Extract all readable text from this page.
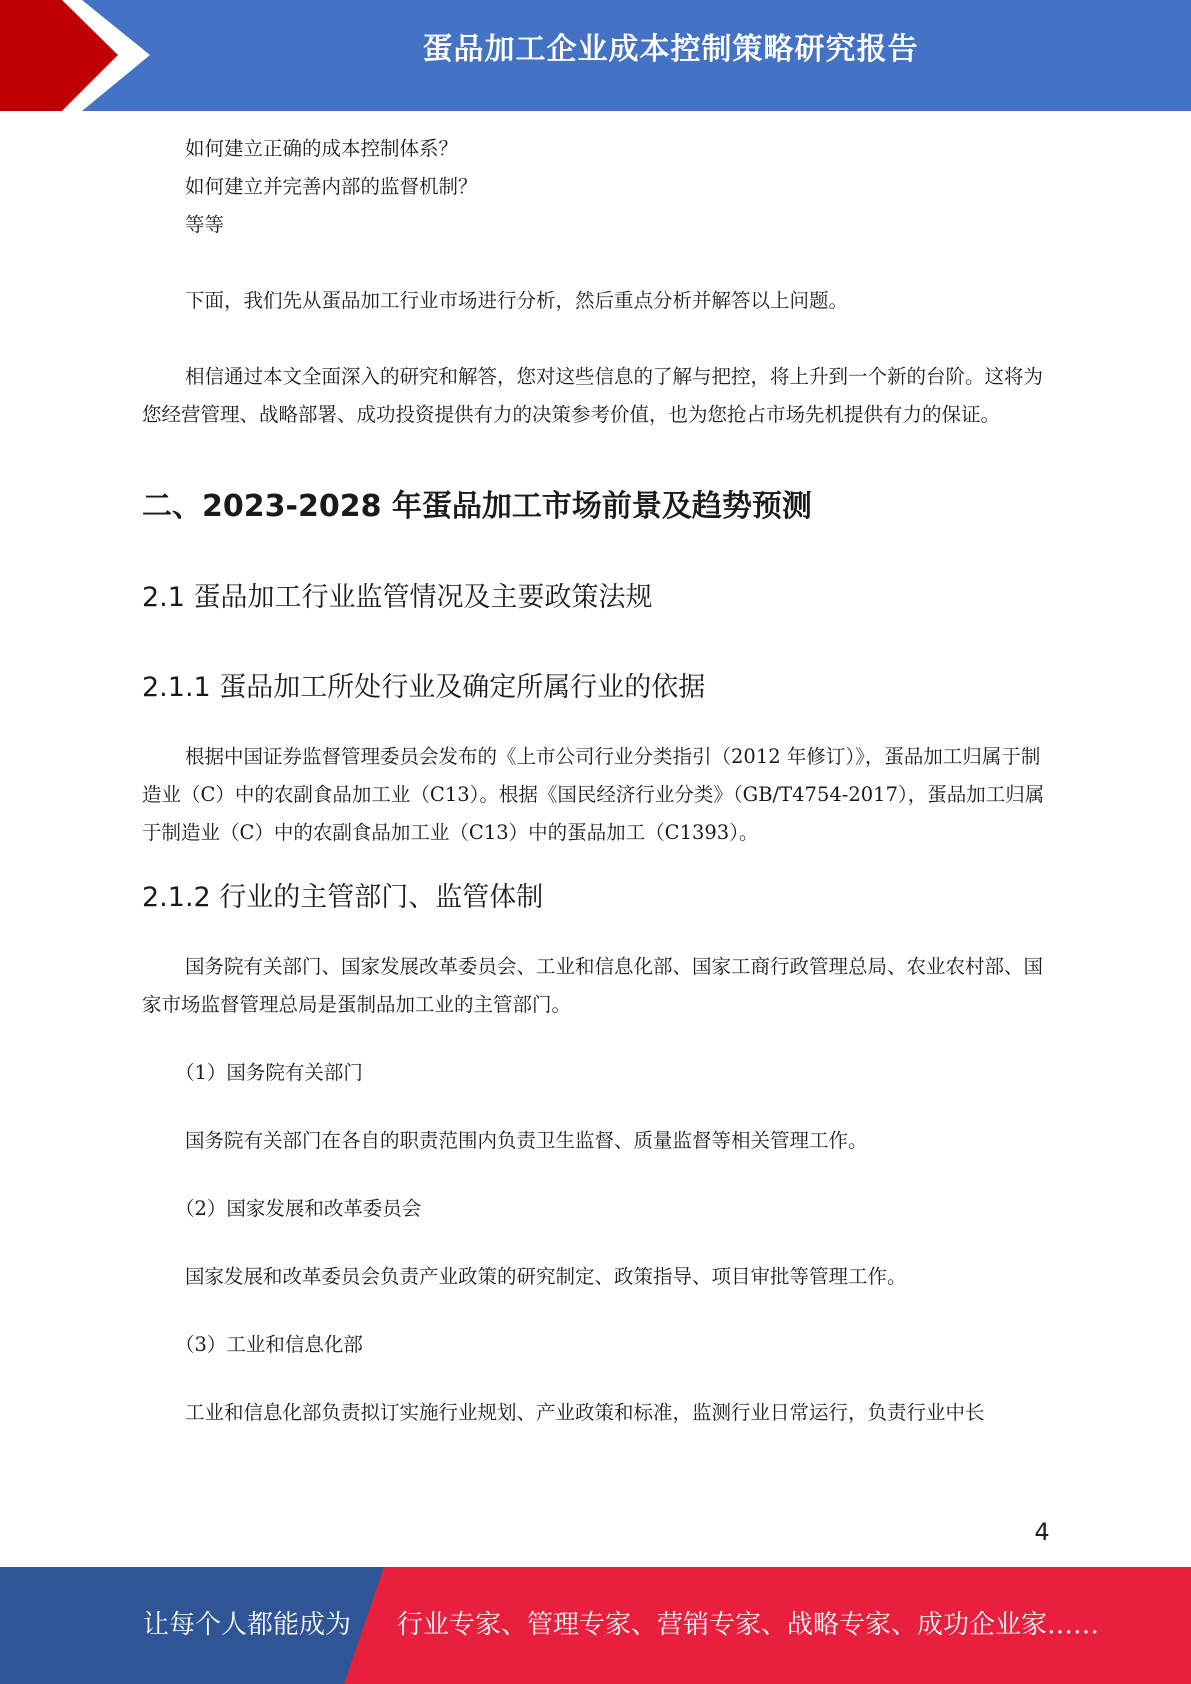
蛋品加工企业成本控制策略研究报告

如何建立正确的成本控制体系？

如何建立并完善内部的监督机制？

等等

下面，我们先从蛋品加工行业市场进行分析，然后重点分析并解答以上问题。

相信通过本文全面深入的研究和解答，您对这些信息的了解与把控，将上升到一个新的台阶。这将为您经营管理、战略部署、成功投资提供有力的决策参考价值，也为您抢占市场先机提供有力的保证。

二、2023-2028 年蛋品加工市场前景及趋势预测
2.1 蛋品加工行业监管情况及主要政策法规
2.1.1 蛋品加工所处行业及确定所属行业的依据

根据中国证券监督管理委员会发布的《上市公司行业分类指引（2012 年修订）》，蛋品加工归属于制造业（C）中的农副食品加工业（C13）。根据《国民经济行业分类》（GB/T4754-2017），蛋品加工归属于制造业（C）中的农副食品加工业（C13）中的蛋品加工（C1393）。

2.1.2 行业的主管部门、监管体制

国务院有关部门、国家发展改革委员会、工业和信息化部、国家工商行政管理总局、农业农村部、国家市场监督管理总局是蛋制品加工业的主管部门。

（1）国务院有关部门

国务院有关部门在各自的职责范围内负责卫生监督、质量监督等相关管理工作。

（2）国家发展和改革委员会

国家发展和改革委员会负责产业政策的研究制定、政策指导、项目审批等管理工作。

（3）工业和信息化部

工业和信息化部负责拟订实施行业规划、产业政策和标准，监测行业日常运行，负责行业中长

4
让每个人都能成为 行业专家、管理专家、营销专家、战略专家、成功企业家……
